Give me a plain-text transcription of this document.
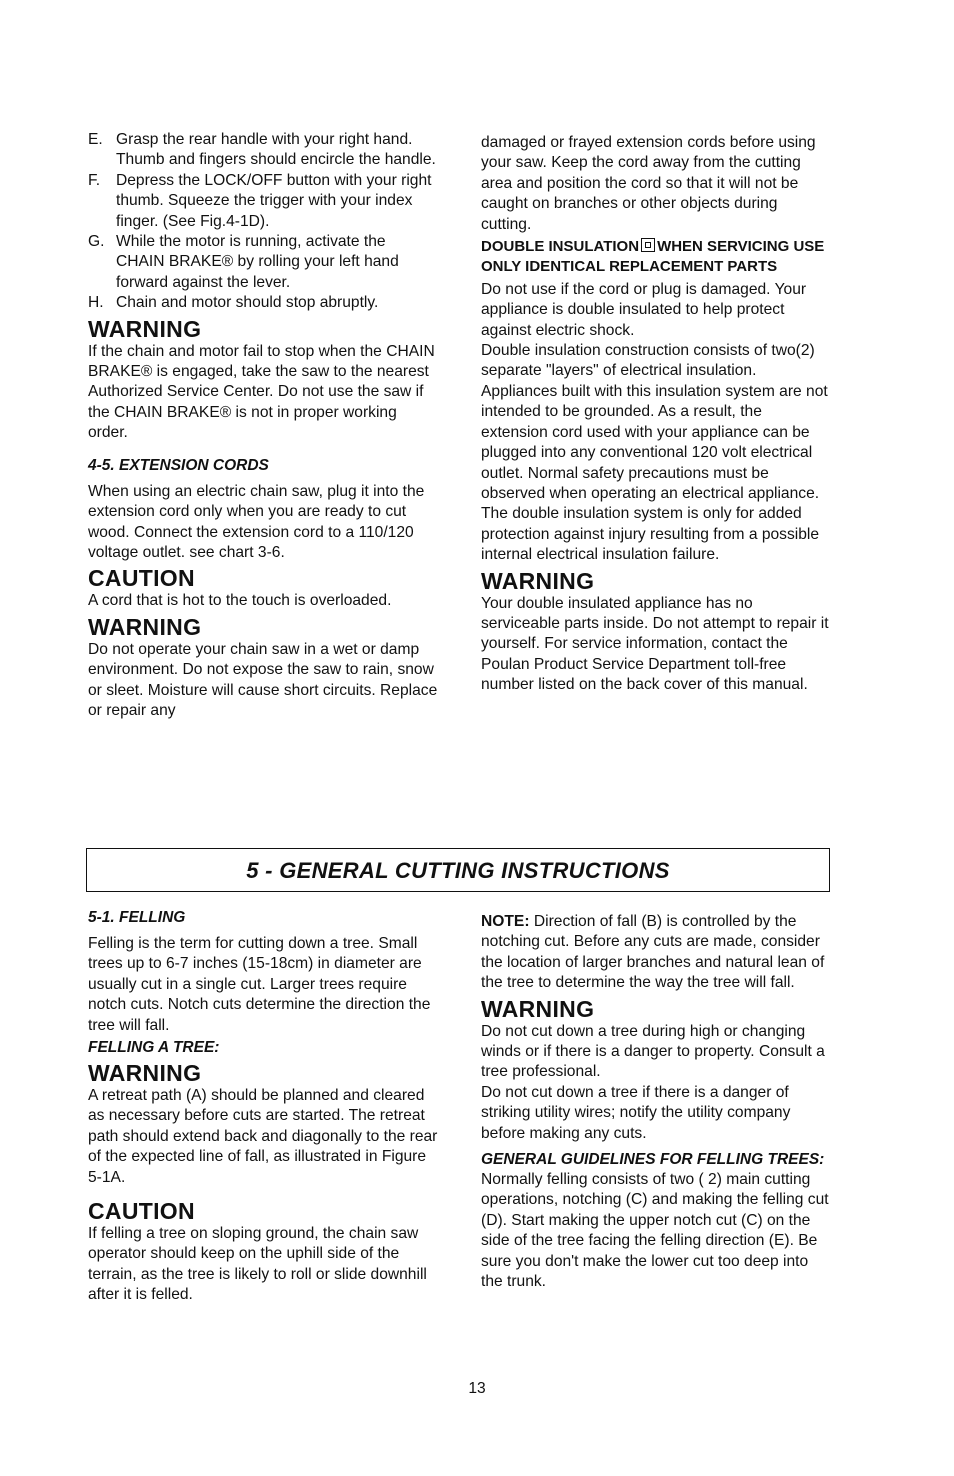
E. Grasp the rear handle with your right hand. Thumb and fingers should encircle the handle.
F. Depress the LOCK/OFF button with your right thumb. Squeeze the trigger with your index finger. (See Fig.4-1D).
G. While the motor is running, activate the CHAIN BRAKE® by rolling your left hand forward against the lever.
H. Chain and motor should stop abruptly.
WARNING

If the chain and motor fail to stop when the CHAIN BRAKE® is engaged, take the saw to the nearest Authorized Service Center. Do not use the saw if the CHAIN BRAKE® is not in proper working order.

4-5. EXTENSION CORDS

When using an electric chain saw, plug it into the extension cord only when you are ready to cut wood. Connect the extension cord to a 110/120 voltage outlet. see chart 3-6.

CAUTION

A cord that is hot to the touch is overloaded.

WARNING

Do not operate your chain saw in a wet or damp environment. Do not expose the saw to rain, snow or sleet. Moisture will cause short circuits. Replace or repair any

damaged or frayed extension cords before using your saw. Keep the cord away from the cutting area and position the cord so that it will not be caught on branches or other objects during cutting.

DOUBLE INSULATION WHEN SERVICING USE ONLY IDENTICAL REPLACEMENT PARTS

Do not use if the cord or plug is damaged. Your appliance is double insulated to help protect against electric shock.

Double insulation construction consists of two(2) separate "layers" of electrical insulation.

Appliances built with this insulation system are not intended to be grounded. As a result, the extension cord used with your appliance can be plugged into any conventional 120 volt electrical outlet. Normal safety precautions must be observed when operating an electrical appliance. The double insulation system is only for added protection against injury resulting from a possible internal electrical insulation failure.

WARNING

Your double insulated appliance has no serviceable parts inside. Do not attempt to repair it yourself. For service information, contact the Poulan Product Service Department toll-free number listed on the back cover of this manual.

5 - GENERAL CUTTING INSTRUCTIONS
5-1. FELLING

Felling is the term for cutting down a tree. Small trees up to 6-7 inches (15-18cm) in diameter are usually cut in a single cut. Larger trees require notch cuts. Notch cuts determine the direction the tree will fall.

FELLING A TREE:
WARNING

A retreat path (A) should be planned and cleared as necessary before cuts are started. The retreat path should extend back and diagonally to the rear of the expected line of fall, as illustrated in Figure 5-1A.

CAUTION

If felling a tree on sloping ground, the chain saw operator should keep on the uphill side of the terrain, as the tree is likely to roll or slide downhill after it is felled.

NOTE: Direction of fall (B) is controlled by the notching cut. Before any cuts are made, consider the location of larger branches and natural lean of the tree to determine the way the tree will fall.

WARNING

Do not cut down a tree during high or changing winds or if there is a danger to property. Consult a tree professional.

Do not cut down a tree if there is a danger of striking utility wires; notify the utility company before making any cuts.

GENERAL GUIDELINES FOR FELLING TREES:

Normally felling consists of two ( 2) main cutting operations, notching (C) and making the felling cut (D). Start making the upper notch cut (C) on the side of the tree facing the felling direction (E). Be sure you don't make the lower cut too deep into the trunk.

13
